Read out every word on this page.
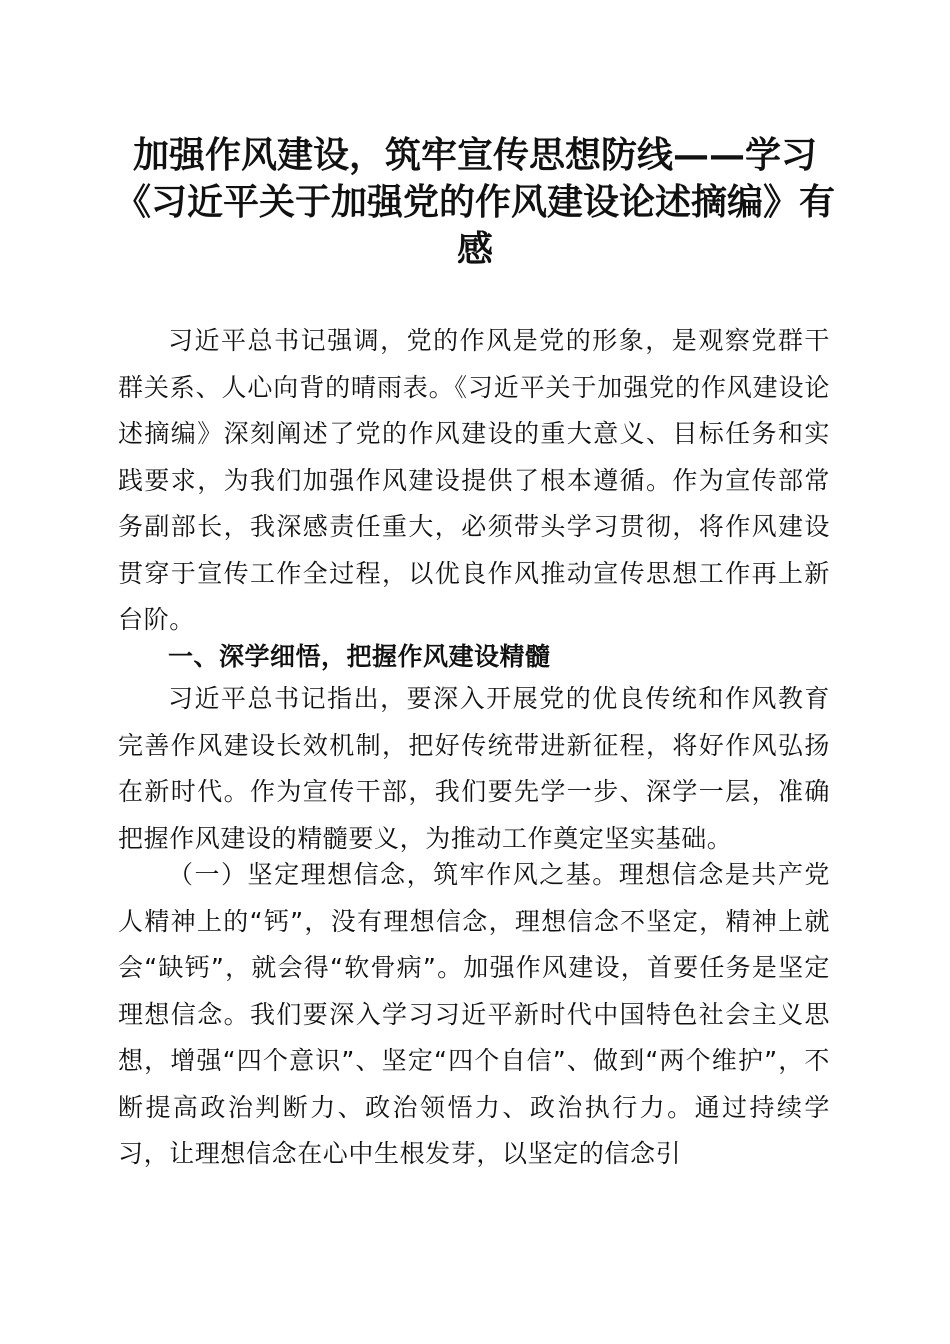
加强作风建设，筑牢宣传思想防线——学习
《习近平关于加强党的作风建设论述摘编》有
感

习近平总书记强调，党的作风是党的形象，是观察党群干群关系、人心向背的晴雨表。《习近平关于加强党的作风建设论述摘编》深刻阐述了党的作风建设的重大意义、目标任务和实践要求，为我们加强作风建设提供了根本遵循。作为宣传部常务副部长，我深感责任重大，必须带头学习贯彻，将作风建设贯穿于宣传工作全过程，以优良作风推动宣传思想工作再上新台阶。

一、深学细悟，把握作风建设精髓

习近平总书记指出，要深入开展党的优良传统和作风教育完善作风建设长效机制，把好传统带进新征程，将好作风弘扬在新时代。作为宣传干部，我们要先学一步、深学一层，准确把握作风建设的精髓要义，为推动工作奠定坚实基础。

（一）坚定理想信念，筑牢作风之基。理想信念是共产党人精神上的“钙”，没有理想信念，理想信念不坚定，精神上就会“缺钙”，就会得“软骨病”。加强作风建设，首要任务是坚定理想信念。我们要深入学习习近平新时代中国特色社会主义思想，增强“四个意识”、坚定“四个自信”、做到“两个维护”，不断提高政治判断力、政治领悟力、政治执行力。通过持续学习，让理想信念在心中生根发芽，以坚定的信念引
